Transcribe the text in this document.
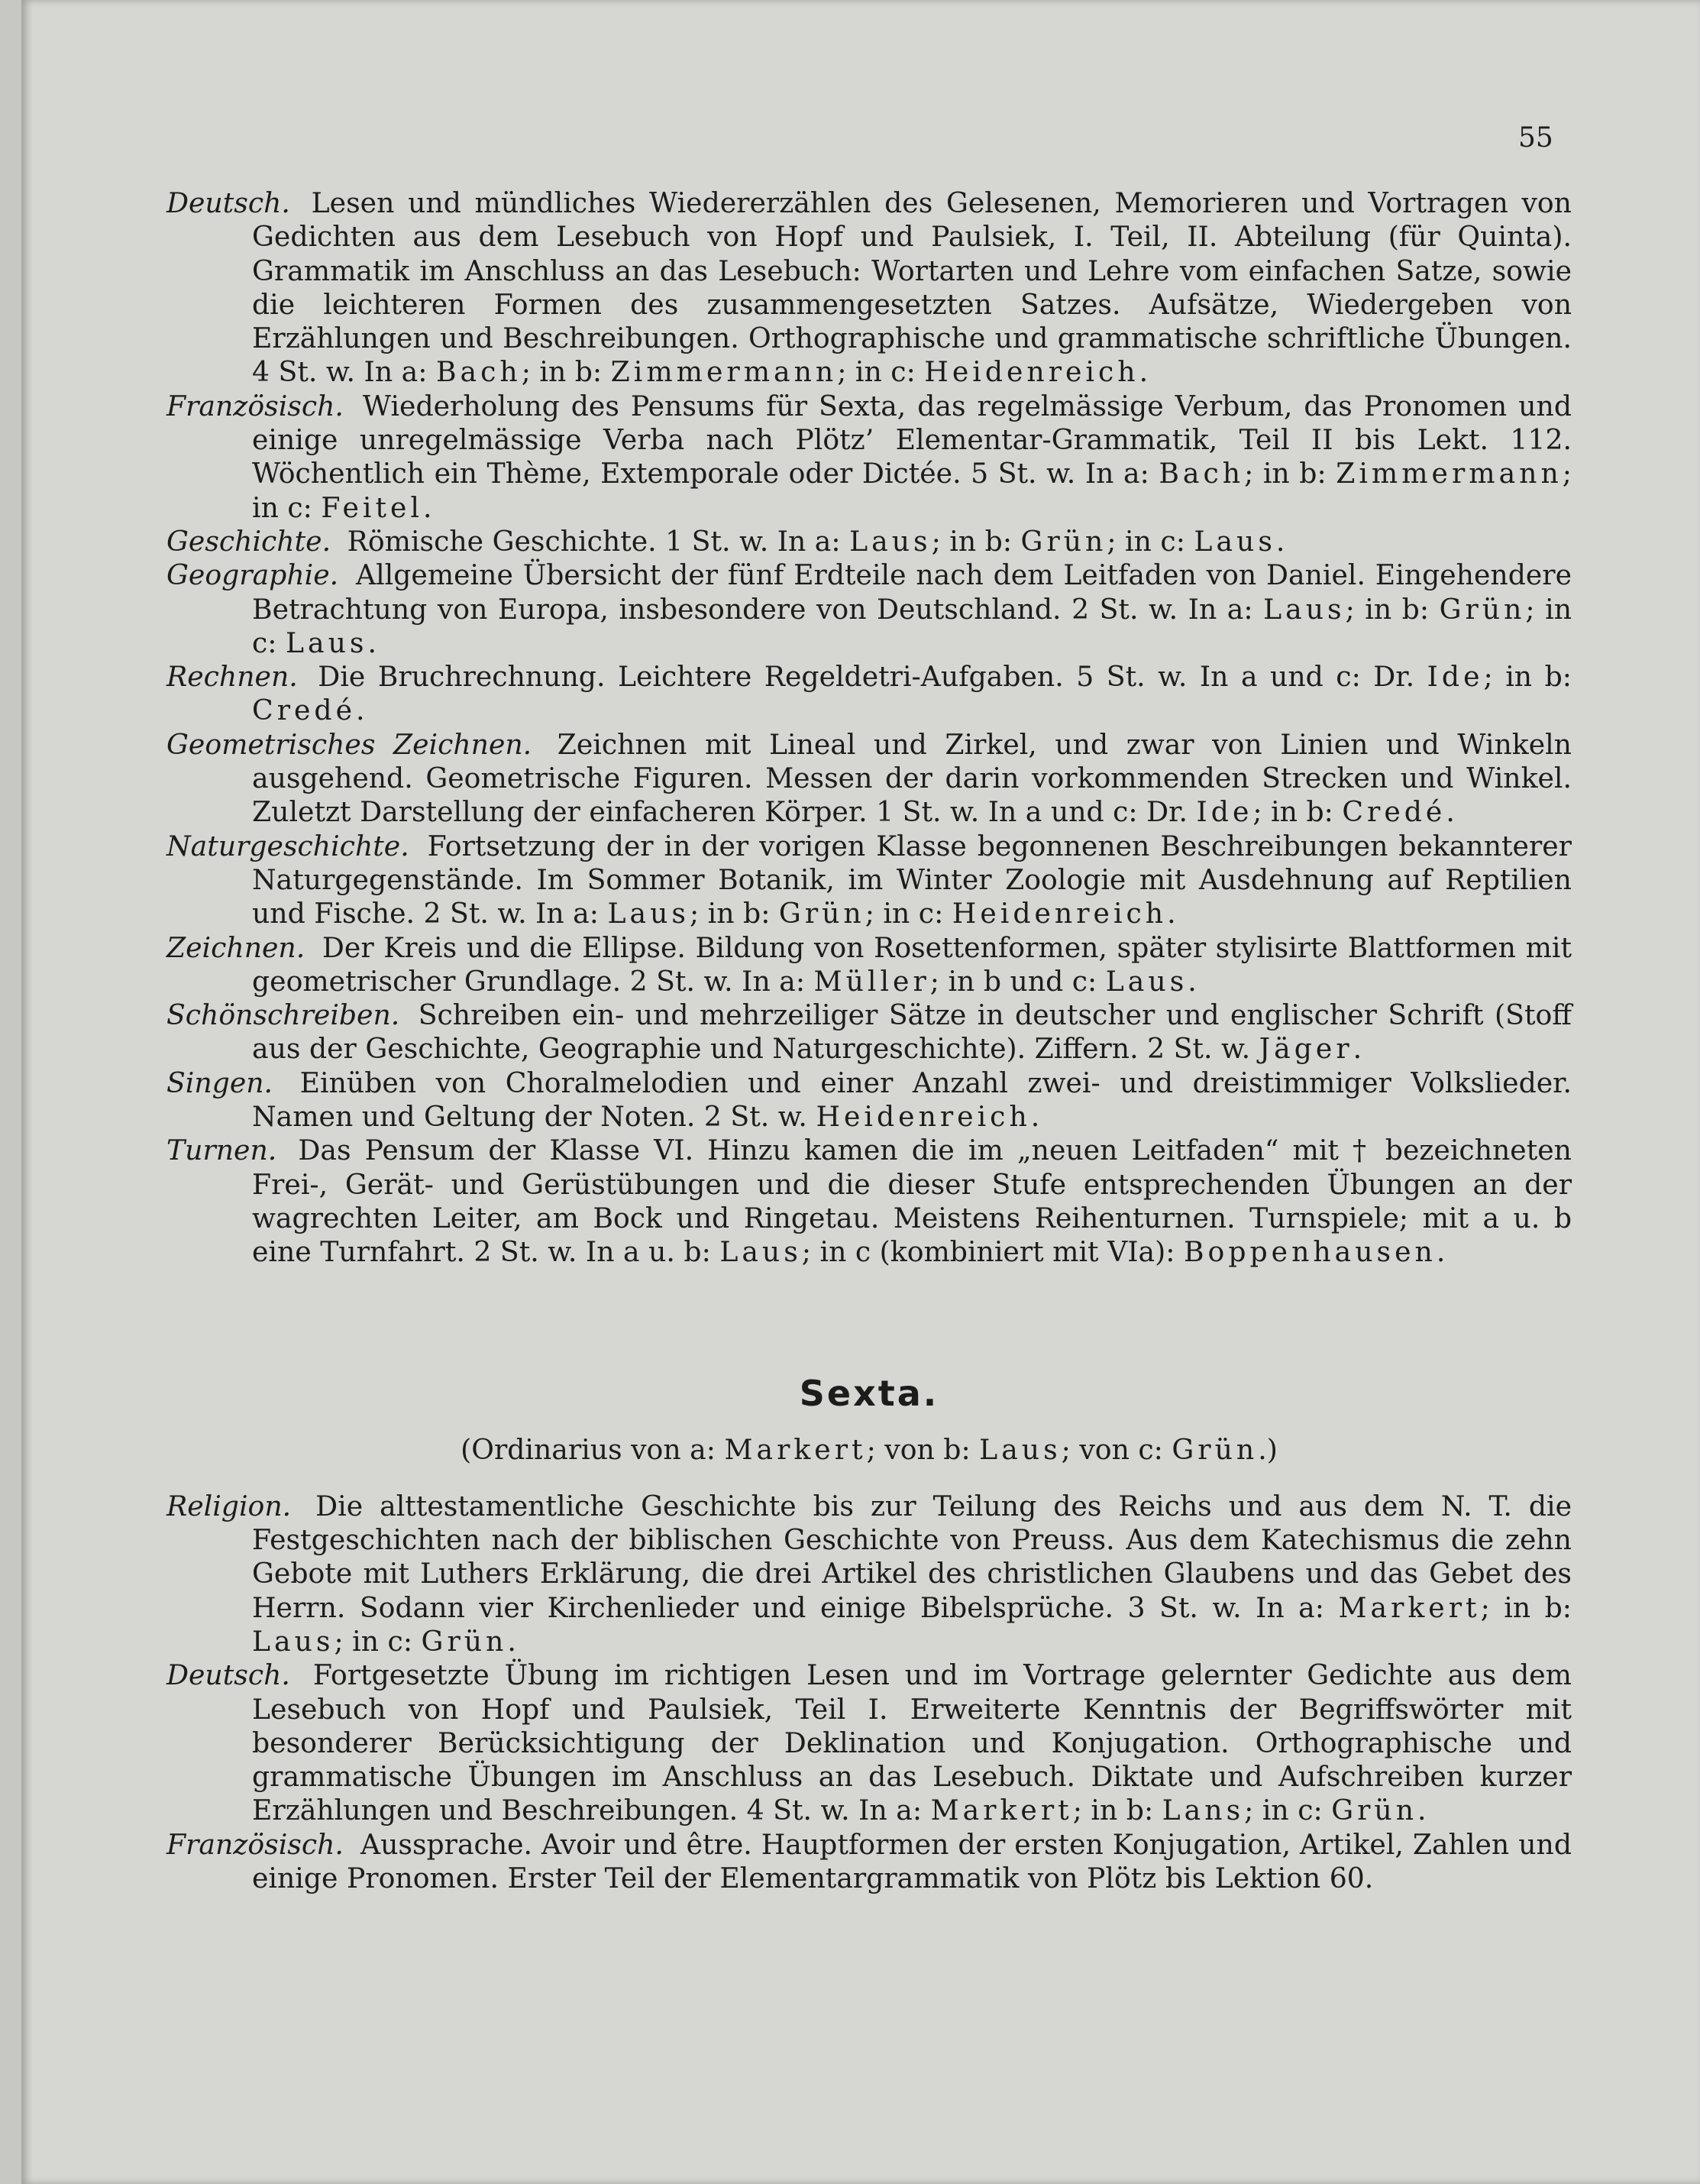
55

Deutsch. Lesen und mündliches Wiedererzählen des Gelesenen, Memorieren und Vortragen von Gedichten aus dem Lesebuch von Hopf und Paulsiek, I. Teil, II. Abteilung (für Quinta). Grammatik im Anschluss an das Lesebuch: Wortarten und Lehre vom einfachen Satze, sowie die leichteren Formen des zusammengesetzten Satzes. Aufsätze, Wiedergeben von Erzählungen und Beschreibungen. Orthographische und grammatische schriftliche Übungen. 4 St. w. In a: Bach; in b: Zimmermann; in c: Heidenreich.

Französisch. Wiederholung des Pensums für Sexta, das regelmässige Verbum, das Pronomen und einige unregelmässige Verba nach Plötz’ Elementar-Grammatik, Teil II bis Lekt. 112. Wöchentlich ein Thème, Extemporale oder Dictée. 5 St. w. In a: Bach; in b: Zimmermann; in c: Feitel.

Geschichte. Römische Geschichte. 1 St. w. In a: Laus; in b: Grün; in c: Laus.

Geographie. Allgemeine Übersicht der fünf Erdteile nach dem Leitfaden von Daniel. Eingehendere Betrachtung von Europa, insbesondere von Deutschland. 2 St. w. In a: Laus; in b: Grün; in c: Laus.

Rechnen. Die Bruchrechnung. Leichtere Regeldetri-Aufgaben. 5 St. w. In a und c: Dr. Ide; in b: Credé.

Geometrisches Zeichnen. Zeichnen mit Lineal und Zirkel, und zwar von Linien und Winkeln ausgehend. Geometrische Figuren. Messen der darin vorkommenden Strecken und Winkel. Zuletzt Darstellung der einfacheren Körper. 1 St. w. In a und c: Dr. Ide; in b: Credé.

Naturgeschichte. Fortsetzung der in der vorigen Klasse begonnenen Beschreibungen bekannterer Naturgegenstände. Im Sommer Botanik, im Winter Zoologie mit Ausdehnung auf Reptilien und Fische. 2 St. w. In a: Laus; in b: Grün; in c: Heidenreich.

Zeichnen. Der Kreis und die Ellipse. Bildung von Rosettenformen, später stylisirte Blattformen mit geometrischer Grundlage. 2 St. w. In a: Müller; in b und c: Laus.

Schönschreiben. Schreiben ein- und mehrzeiliger Sätze in deutscher und englischer Schrift (Stoff aus der Geschichte, Geographie und Naturgeschichte). Ziffern. 2 St. w. Jäger.

Singen. Einüben von Choralmelodien und einer Anzahl zwei- und dreistimmiger Volkslieder. Namen und Geltung der Noten. 2 St. w. Heidenreich.

Turnen. Das Pensum der Klasse VI. Hinzu kamen die im „neuen Leitfaden“ mit † bezeichneten Frei-, Gerät- und Gerüstübungen und die dieser Stufe entsprechenden Übungen an der wagrechten Leiter, am Bock und Ringetau. Meistens Reihenturnen. Turnspiele; mit a u. b eine Turnfahrt. 2 St. w. In a u. b: Laus; in c (kombiniert mit VIa): Boppenhausen.

Sexta.
(Ordinarius von a: Markert; von b: Laus; von c: Grün.)

Religion. Die alttestamentliche Geschichte bis zur Teilung des Reichs und aus dem N. T. die Festgeschichten nach der biblischen Geschichte von Preuss. Aus dem Katechismus die zehn Gebote mit Luthers Erklärung, die drei Artikel des christlichen Glaubens und das Gebet des Herrn. Sodann vier Kirchenlieder und einige Bibelsprüche. 3 St. w. In a: Markert; in b: Laus; in c: Grün.

Deutsch. Fortgesetzte Übung im richtigen Lesen und im Vortrage gelernter Gedichte aus dem Lesebuch von Hopf und Paulsiek, Teil I. Erweiterte Kenntnis der Begriffswörter mit besonderer Berücksichtigung der Deklination und Konjugation. Orthographische und grammatische Übungen im Anschluss an das Lesebuch. Diktate und Aufschreiben kurzer Erzählungen und Beschreibungen. 4 St. w. In a: Markert; in b: Lans; in c: Grün.

Französisch. Aussprache. Avoir und être. Hauptformen der ersten Konjugation, Artikel, Zahlen und einige Pronomen. Erster Teil der Elementargrammatik von Plötz bis Lektion 60.
